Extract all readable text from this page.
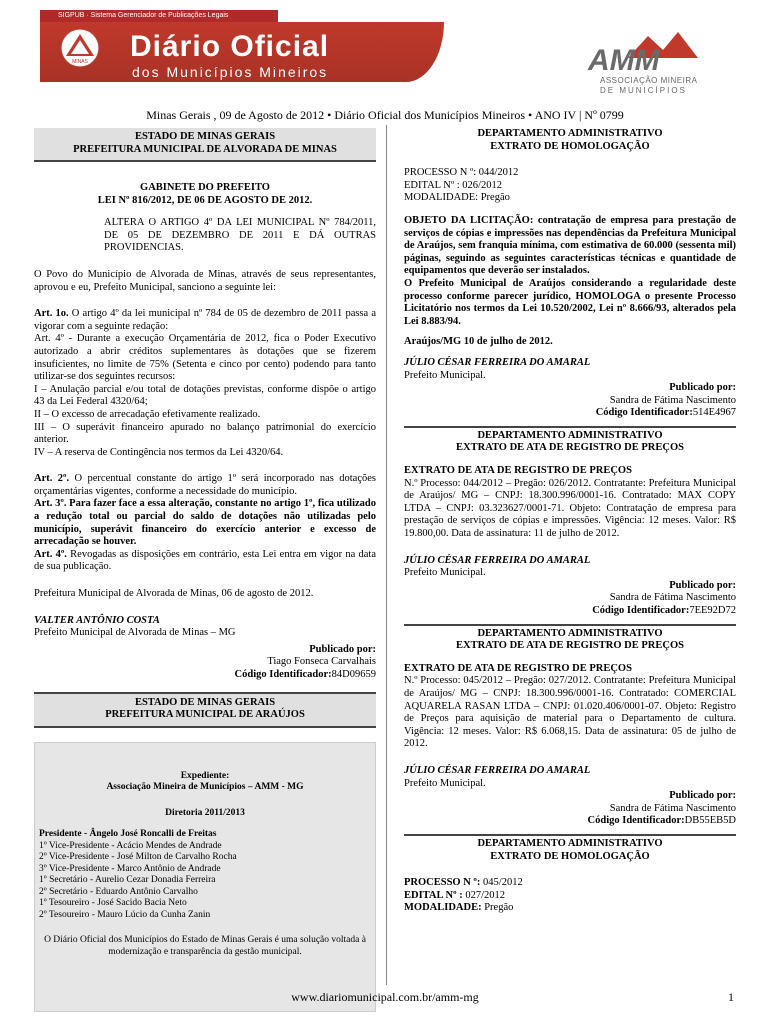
SIGPUB · Sistema Gerenciador de Publicações Legais
Diário Oficial
dos Municípios Mineiros
MINAS	AMM
ASSOCIAÇÃO MINEIRA
DE MUNICÍPIOS
Minas Gerais , 09 de Agosto de 2012 • Diário Oficial dos Municípios Mineiros • ANO IV | Nº 0799
ESTADO DE MINAS GERAIS
PREFEITURA MUNICIPAL DE ALVORADA DE MINAS

GABINETE DO PREFEITO

LEI Nº 816/2012, DE 06 DE AGOSTO DE 2012.

ALTERA O ARTIGO 4º DA LEI MUNICIPAL Nº 784/2011, DE 05 DE DEZEMBRO DE 2011 E DÁ OUTRAS PROVIDENCIAS.

O Povo do Município de Alvorada de Minas, através de seus representantes, aprovou e eu, Prefeito Municipal, sanciono a seguinte lei:

Art. 1o. O artigo 4º da lei municipal nº 784 de 05 de dezembro de 2011 passa a vigorar com a seguinte redação:

Art. 4º - Durante a execução Orçamentária de 2012, fica o Poder Executivo autorizado a abrir créditos suplementares às dotações que se fizerem insuficientes, no limite de 75% (Setenta e cinco por cento) podendo para tanto utilizar-se dos seguintes recursos:

I – Anulação parcial e/ou total de dotações previstas, conforme dispõe o artigo 43 da Lei Federal 4320/64;

II – O excesso de arrecadação efetivamente realizado.

III – O superávit financeiro apurado no balanço patrimonial do exercício anterior.

IV – A reserva de Contingência nos termos da Lei 4320/64.

Art. 2º. O percentual constante do artigo 1º será incorporado nas dotações orçamentárias vigentes, conforme a necessidade do município.

Art. 3º. Para fazer face a essa alteração, constante no artigo 1º, fica utilizado a redução total ou parcial do saldo de dotações não utilizadas pelo município, superávit financeiro do exercício anterior e excesso de arrecadação se houver.

Art. 4º. Revogadas as disposições em contrário, esta Lei entra em vigor na data de sua publicação.

Prefeitura Municipal de Alvorada de Minas, 06 de agosto de 2012.

VALTER ANTÔNIO COSTA

Prefeito Municipal de Alvorada de Minas – MG

Publicado por:

Tiago Fonseca Carvalhais

Código Identificador:84D09659

ESTADO DE MINAS GERAIS
PREFEITURA MUNICIPAL DE ARAÚJOS

Expediente:

Associação Mineira de Municípios – AMM - MG

Diretoria 2011/2013

Presidente - Ângelo José Roncalli de Freitas

1º Vice-Presidente - Acácio Mendes de Andrade

2º Vice-Presidente - José Milton de Carvalho Rocha

3º Vice-Presidente - Marco Antônio de Andrade

1º Secretário - Aurelio Cezar Donadia Ferreira

2º Secretário - Eduardo Antônio Carvalho

1º Tesoureiro - José Sacido Bacia Neto

2º Tesoureiro - Mauro Lúcio da Cunha Zanin

O Diário Oficial dos Municípios do Estado de Minas Gerais é uma solução voltada à modernização e transparência da gestão municipal.

DEPARTAMENTO ADMINISTRATIVO

EXTRATO DE HOMOLOGAÇÃO

PROCESSO N º: 044/2012

EDITAL Nº : 026/2012

MODALIDADE: Pregão

OBJETO DA LICITAÇÃO: contratação de empresa para prestação de serviços de cópias e impressões nas dependências da Prefeitura Municipal de Araújos, sem franquia mínima, com estimativa de 60.000 (sessenta mil) páginas, seguindo as seguintes características técnicas e quantidade de equipamentos que deverão ser instalados.

O Prefeito Municipal de Araújos considerando a regularidade deste processo conforme parecer jurídico, HOMOLOGA o presente Processo Licitatório nos termos da Lei 10.520/2002, Lei nº 8.666/93, alterados pela Lei 8.883/94.

Araújos/MG 10 de julho de 2012.

JÚLIO CÉSAR FERREIRA DO AMARAL

Prefeito Municipal.

Publicado por:

Sandra de Fátima Nascimento

Código Identificador:514E4967

DEPARTAMENTO ADMINISTRATIVO

EXTRATO DE ATA DE REGISTRO DE PREÇOS

EXTRATO DE ATA DE REGISTRO DE PREÇOS

N.º Processo: 044/2012 – Pregão: 026/2012. Contratante: Prefeitura Municipal de Araújos/ MG – CNPJ: 18.300.996/0001-16. Contratado: MAX COPY LTDA – CNPJ: 03.323627/0001-71. Objeto: Contratação de empresa para prestação de serviços de cópias e impressões. Vigência: 12 meses. Valor: R$ 19.800,00. Data de assinatura: 11 de julho de 2012.

JÚLIO CÉSAR FERREIRA DO AMARAL

Prefeito Municipal.

Publicado por:

Sandra de Fátima Nascimento

Código Identificador:7EE92D72

DEPARTAMENTO ADMINISTRATIVO

EXTRATO DE ATA DE REGISTRO DE PREÇOS

EXTRATO DE ATA DE REGISTRO DE PREÇOS

N.º Processo: 045/2012 – Pregão: 027/2012. Contratante: Prefeitura Municipal de Araújos/ MG – CNPJ: 18.300.996/0001-16. Contratado: COMERCIAL AQUARELA RASAN LTDA – CNPJ: 01.020.406/0001-07. Objeto: Registro de Preços para aquisição de material para o Departamento de cultura. Vigência: 12 meses. Valor: R$ 6.068,15. Data de assinatura: 05 de julho de 2012.

JÚLIO CÉSAR FERREIRA DO AMARAL

Prefeito Municipal.

Publicado por:

Sandra de Fátima Nascimento

Código Identificador:DB55EB5D

DEPARTAMENTO ADMINISTRATIVO

EXTRATO DE HOMOLOGAÇÃO

PROCESSO N º: 045/2012

EDITAL Nº : 027/2012

MODALIDADE: Pregão

www.diariomunicipal.com.br/amm-mg	1
